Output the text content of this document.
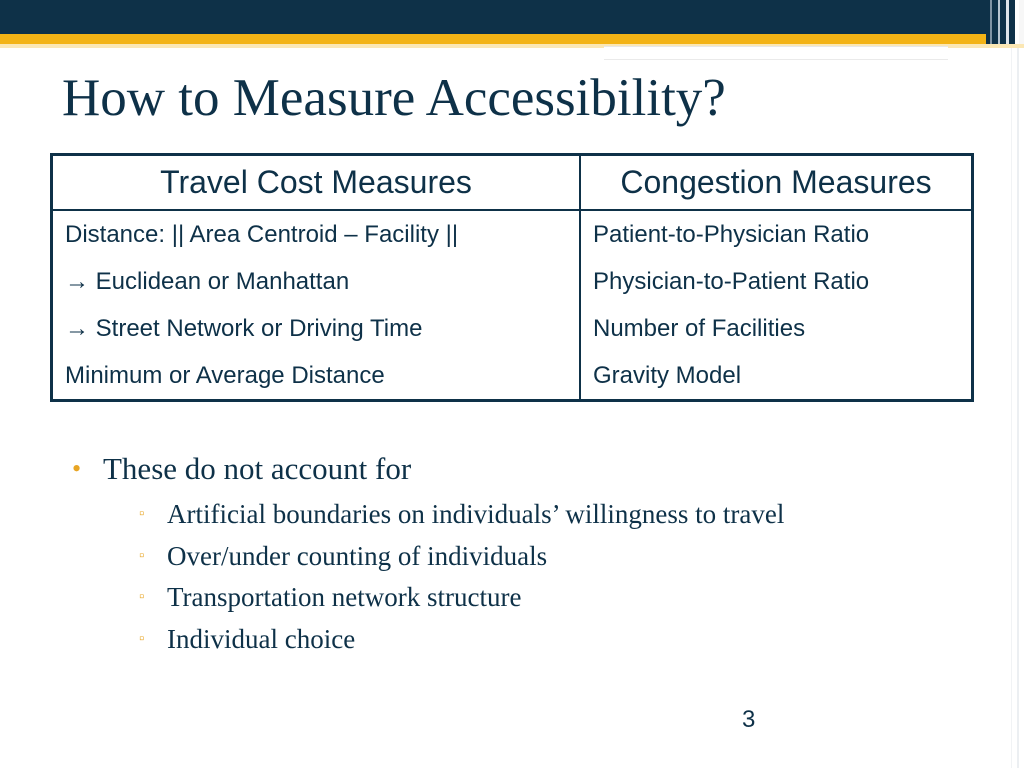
How to Measure Accessibility?
Travel Cost Measures	Congestion Measures
Distance: || Area Centroid – Facility ||	Patient-to-Physician Ratio
→ Euclidean or Manhattan	Physician-to-Patient Ratio
→ Street Network or Driving Time	Number of Facilities
Minimum or Average Distance	Gravity Model
• These do not account for
▫ Artificial boundaries on individuals’ willingness to travel
▫ Over/under counting of individuals
▫ Transportation network structure
▫ Individual choice
3
